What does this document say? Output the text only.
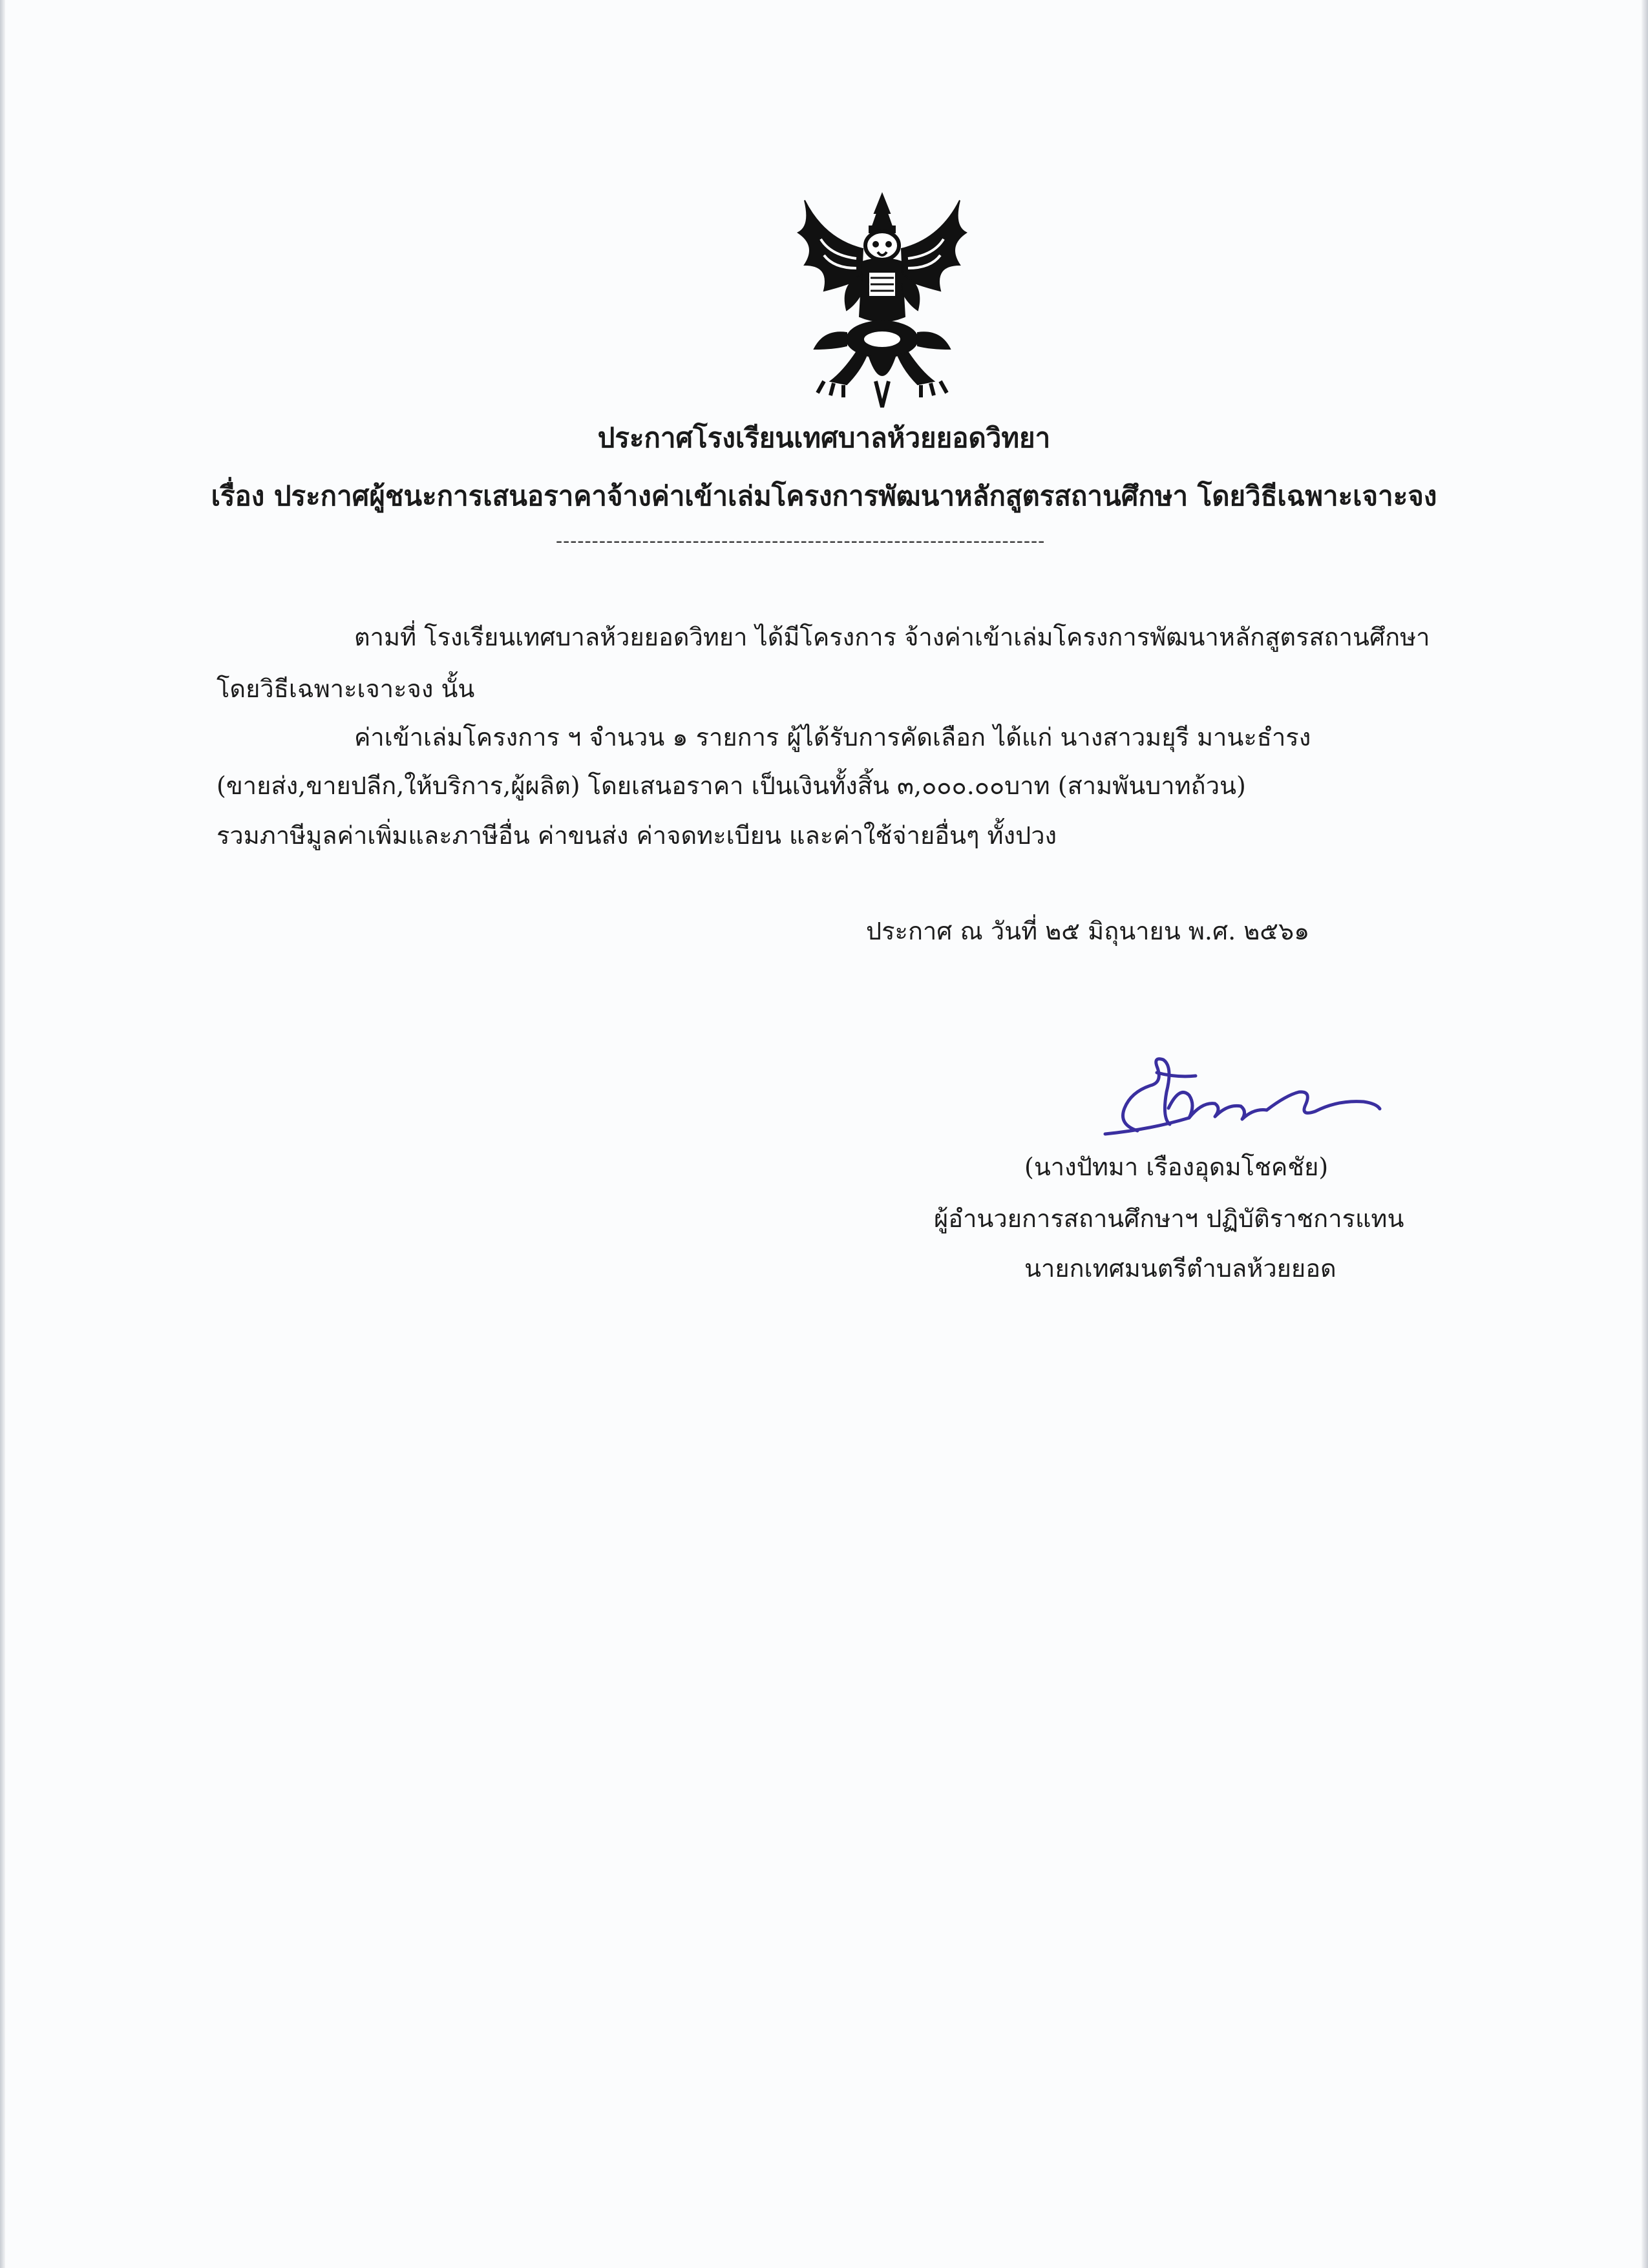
ประกาศโรงเรียนเทศบาลห้วยยอดวิทยา
เรื่อง ประกาศผู้ชนะการเสนอราคาจ้างค่าเข้าเล่มโครงการพัฒนาหลักสูตรสถานศึกษา โดยวิธีเฉพาะเจาะจง
--------------------------------------------------------------------
ตามที่ โรงเรียนเทศบาลห้วยยอดวิทยา ได้มีโครงการ จ้างค่าเข้าเล่มโครงการพัฒนาหลักสูตรสถานศึกษา
โดยวิธีเฉพาะเจาะจง นั้น
ค่าเข้าเล่มโครงการ ฯ จำนวน ๑ รายการ ผู้ได้รับการคัดเลือก ได้แก่ นางสาวมยุรี มานะธำรง
(ขายส่ง,ขายปลีก,ให้บริการ,ผู้ผลิต) โดยเสนอราคา เป็นเงินทั้งสิ้น ๓,๐๐๐.๐๐บาท (สามพันบาทถ้วน)
รวมภาษีมูลค่าเพิ่มและภาษีอื่น ค่าขนส่ง ค่าจดทะเบียน และค่าใช้จ่ายอื่นๆ ทั้งปวง
ประกาศ ณ วันที่ ๒๕ มิถุนายน พ.ศ. ๒๕๖๑
(นางปัทมา เรืองอุดมโชคชัย)
ผู้อำนวยการสถานศึกษาฯ ปฏิบัติราชการแทน
นายกเทศมนตรีตำบลห้วยยอด
